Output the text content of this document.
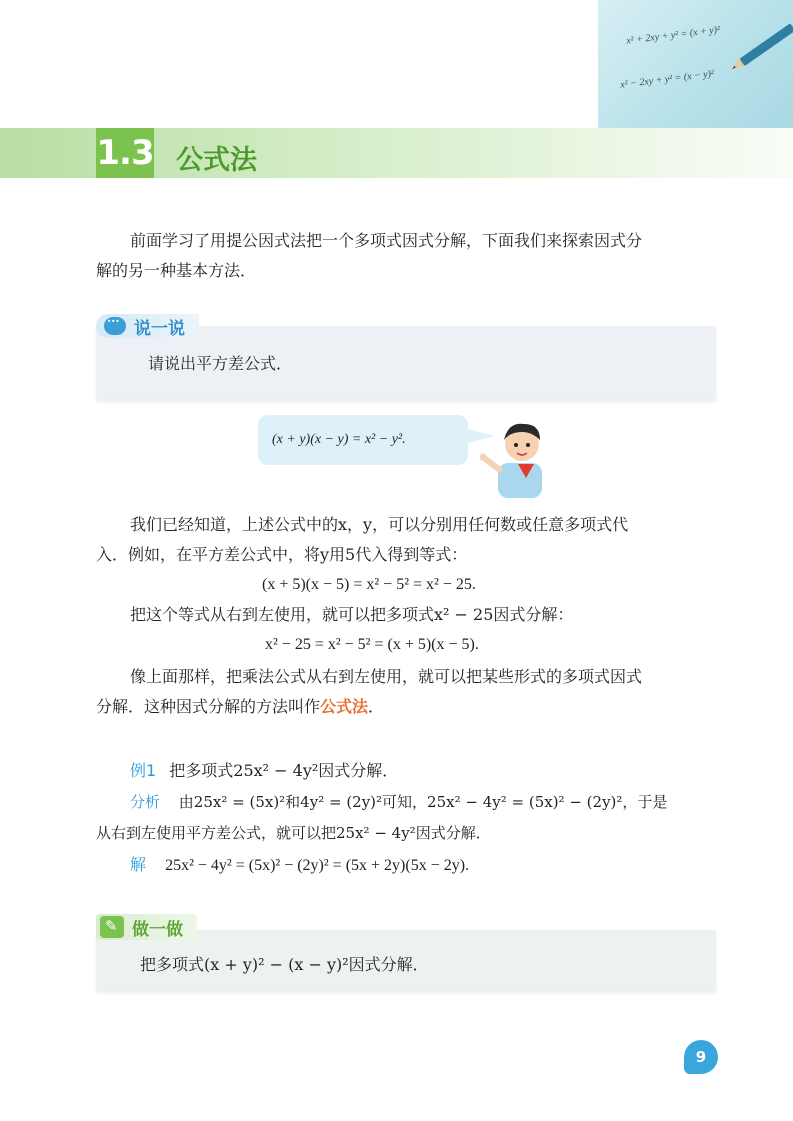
x² + 2xy + y² = (x + y)²
x² − 2xy + y² = (x − y)²
1.3 公式法
前面学习了用提公因式法把一个多项式因式分解，下面我们来探索因式分
解的另一种基本方法．
···
说一说
请说出平方差公式．
(x + y)(x − y) = x² − y².
我们已经知道，上述公式中的x，y，可以分别用任何数或任意多项式代
入．例如，在平方差公式中，将y用5代入得到等式：
(x + 5)(x − 5) = x² − 5² = x² − 25.
把这个等式从右到左使用，就可以把多项式x² − 25因式分解：
x² − 25 = x² − 5² = (x + 5)(x − 5).
像上面那样，把乘法公式从右到左使用，就可以把某些形式的多项式因式
分解．这种因式分解的方法叫作公式法．
例1 把多项式25x² − 4y²因式分解．
分析 由25x² = (5x)²和4y² = (2y)²可知，25x² − 4y² = (5x)² − (2y)²，于是
从右到左使用平方差公式，就可以把25x² − 4y²因式分解．
解 25x² − 4y² = (5x)² − (2y)² = (5x + 2y)(5x − 2y).
✎
做一做
把多项式(x + y)² − (x − y)²因式分解．
9
